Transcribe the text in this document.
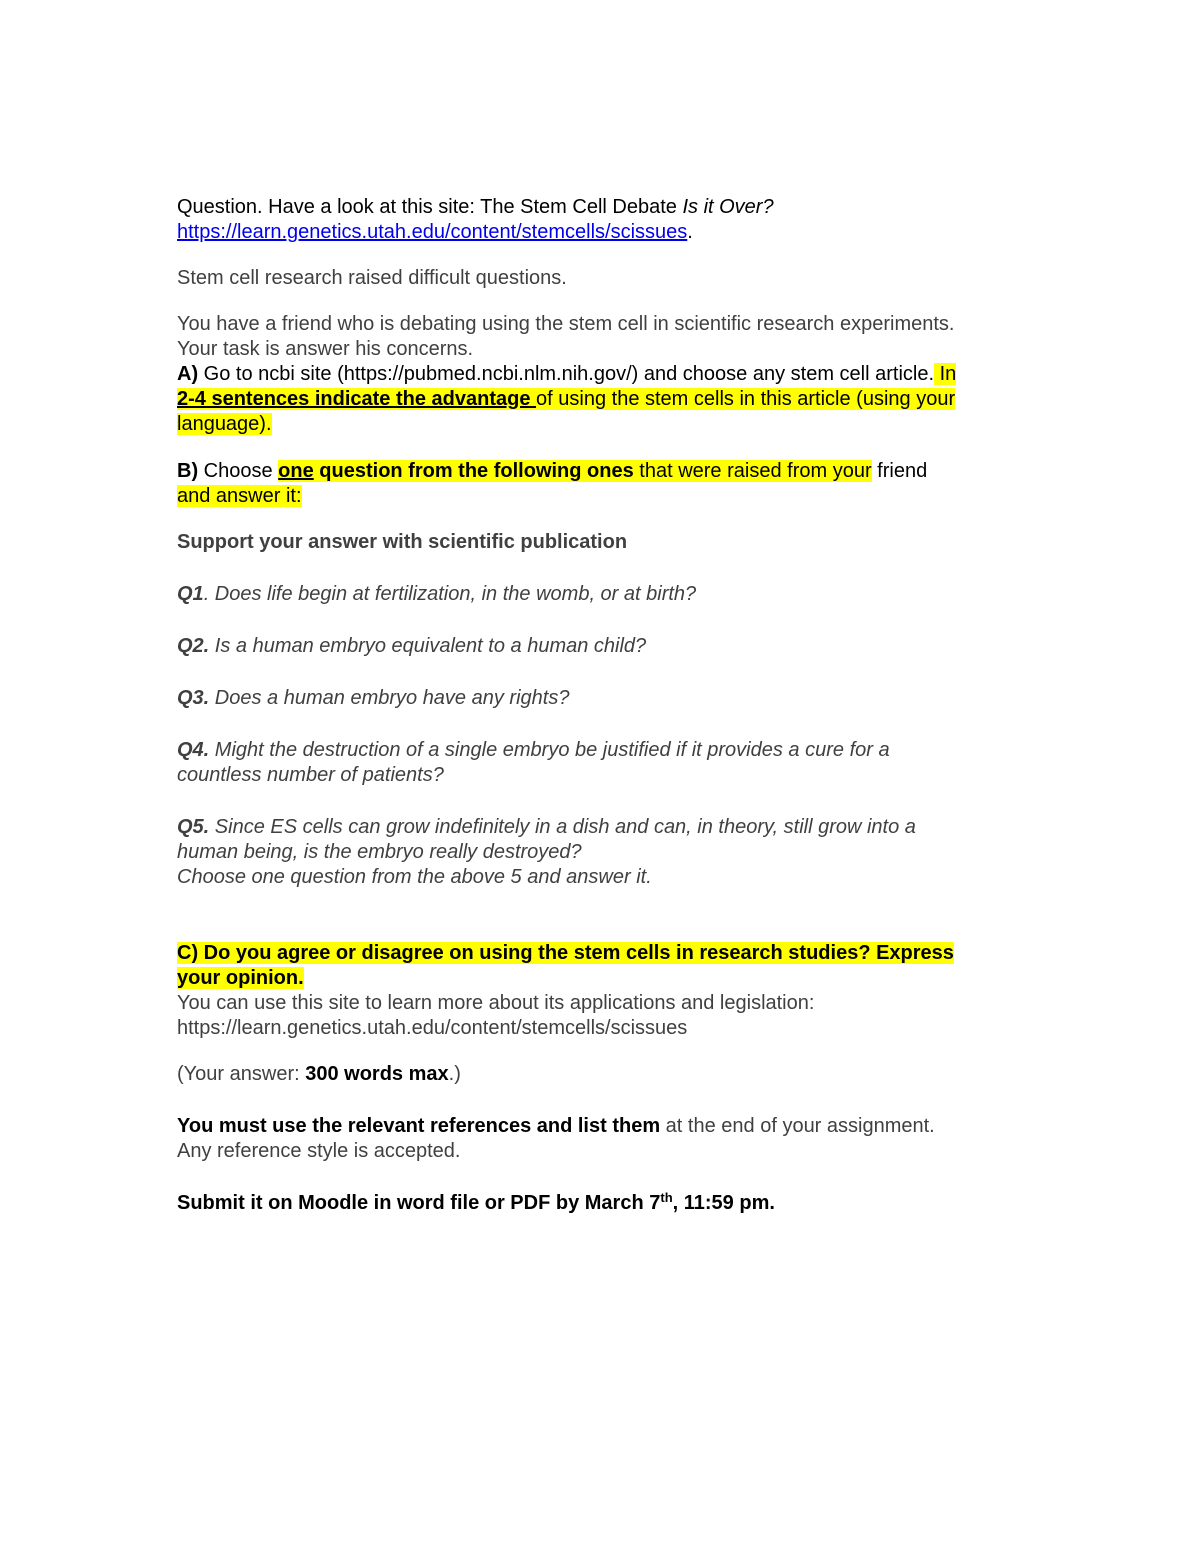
Question. Have a look at this site: The Stem Cell Debate Is it Over?
https://learn.genetics.utah.edu/content/stemcells/scissues.
Stem cell research raised difficult questions.
You have a friend who is debating using the stem cell in scientific research experiments.
Your task is answer his concerns.
A) Go to ncbi site (https://pubmed.ncbi.nlm.nih.gov/) and choose any stem cell article. In
2-4 sentences indicate the advantage of using the stem cells in this article (using your
language).
B) Choose one question from the following ones that were raised from your friend
and answer it:
Support your answer with scientific publication
Q1. Does life begin at fertilization, in the womb, or at birth?
Q2. Is a human embryo equivalent to a human child?
Q3. Does a human embryo have any rights?
Q4. Might the destruction of a single embryo be justified if it provides a cure for a
countless number of patients?
Q5. Since ES cells can grow indefinitely in a dish and can, in theory, still grow into a
human being, is the embryo really destroyed?
Choose one question from the above 5 and answer it.
C) Do you agree or disagree on using the stem cells in research studies? Express
your opinion.
You can use this site to learn more about its applications and legislation:
https://learn.genetics.utah.edu/content/stemcells/scissues
(Your answer: 300 words max.)
You must use the relevant references and list them at the end of your assignment.
Any reference style is accepted.
Submit it on Moodle in word file or PDF by March 7th, 11:59 pm.
